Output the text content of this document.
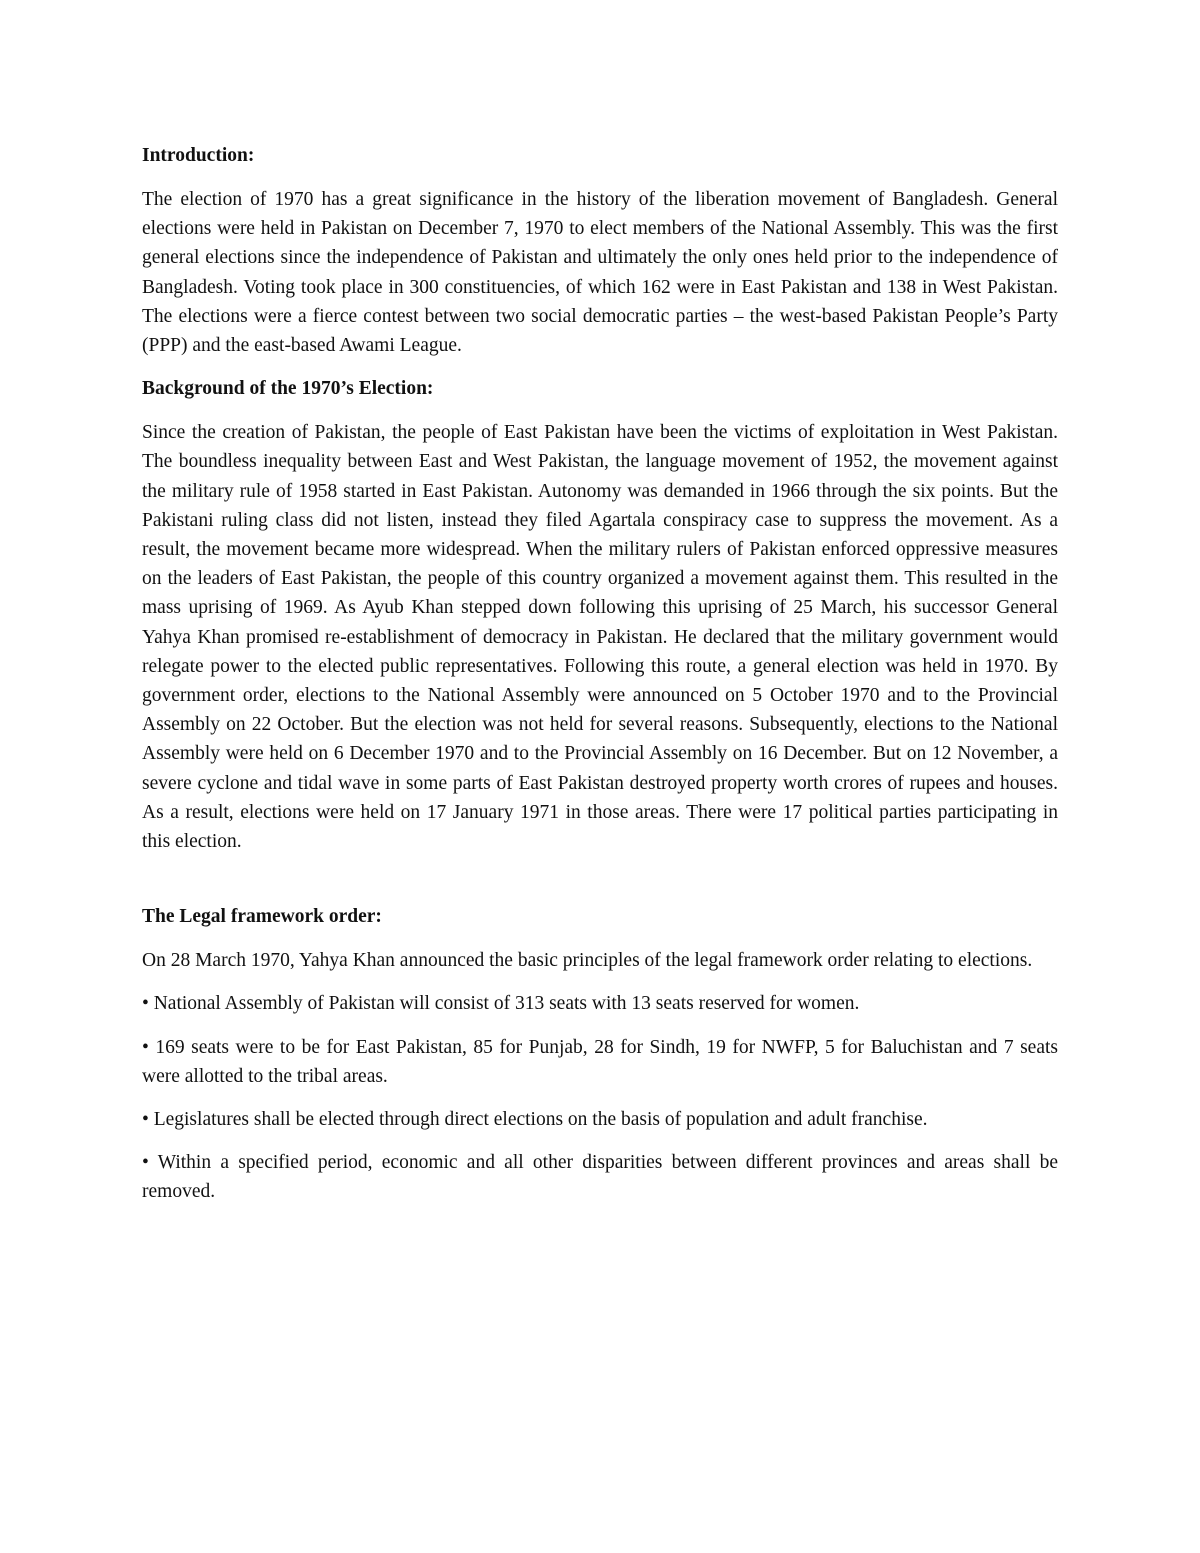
Introduction:

The election of 1970 has a great significance in the history of the liberation movement of Bangladesh. General elections were held in Pakistan on December 7, 1970 to elect members of the National Assembly. This was the first general elections since the independence of Pakistan and ultimately the only ones held prior to the independence of Bangladesh. Voting took place in 300 constituencies, of which 162 were in East Pakistan and 138 in West Pakistan. The elections were a fierce contest between two social democratic parties – the west-based Pakistan People’s Party (PPP) and the east-based Awami League.

Background of the 1970’s Election:

Since the creation of Pakistan, the people of East Pakistan have been the victims of exploitation in West Pakistan. The boundless inequality between East and West Pakistan, the language movement of 1952, the movement against the military rule of 1958 started in East Pakistan. Autonomy was demanded in 1966 through the six points. But the Pakistani ruling class did not listen, instead they filed Agartala conspiracy case to suppress the movement. As a result, the movement became more widespread. When the military rulers of Pakistan enforced oppressive measures on the leaders of East Pakistan, the people of this country organized a movement against them. This resulted in the mass uprising of 1969. As Ayub Khan stepped down following this uprising of 25 March, his successor General Yahya Khan promised re-establishment of democracy in Pakistan. He declared that the military government would relegate power to the elected public representatives. Following this route, a general election was held in 1970. By government order, elections to the National Assembly were announced on 5 October 1970 and to the Provincial Assembly on 22 October. But the election was not held for several reasons. Subsequently, elections to the National Assembly were held on 6 December 1970 and to the Provincial Assembly on 16 December. But on 12 November, a severe cyclone and tidal wave in some parts of East Pakistan destroyed property worth crores of rupees and houses. As a result, elections were held on 17 January 1971 in those areas. There were 17 political parties participating in this election.

The Legal framework order:

On 28 March 1970, Yahya Khan announced the basic principles of the legal framework order relating to elections.

• National Assembly of Pakistan will consist of 313 seats with 13 seats reserved for women.

• 169 seats were to be for East Pakistan, 85 for Punjab, 28 for Sindh, 19 for NWFP, 5 for Baluchistan and 7 seats were allotted to the tribal areas.

• Legislatures shall be elected through direct elections on the basis of population and adult franchise.

• Within a specified period, economic and all other disparities between different provinces and areas shall be removed.
